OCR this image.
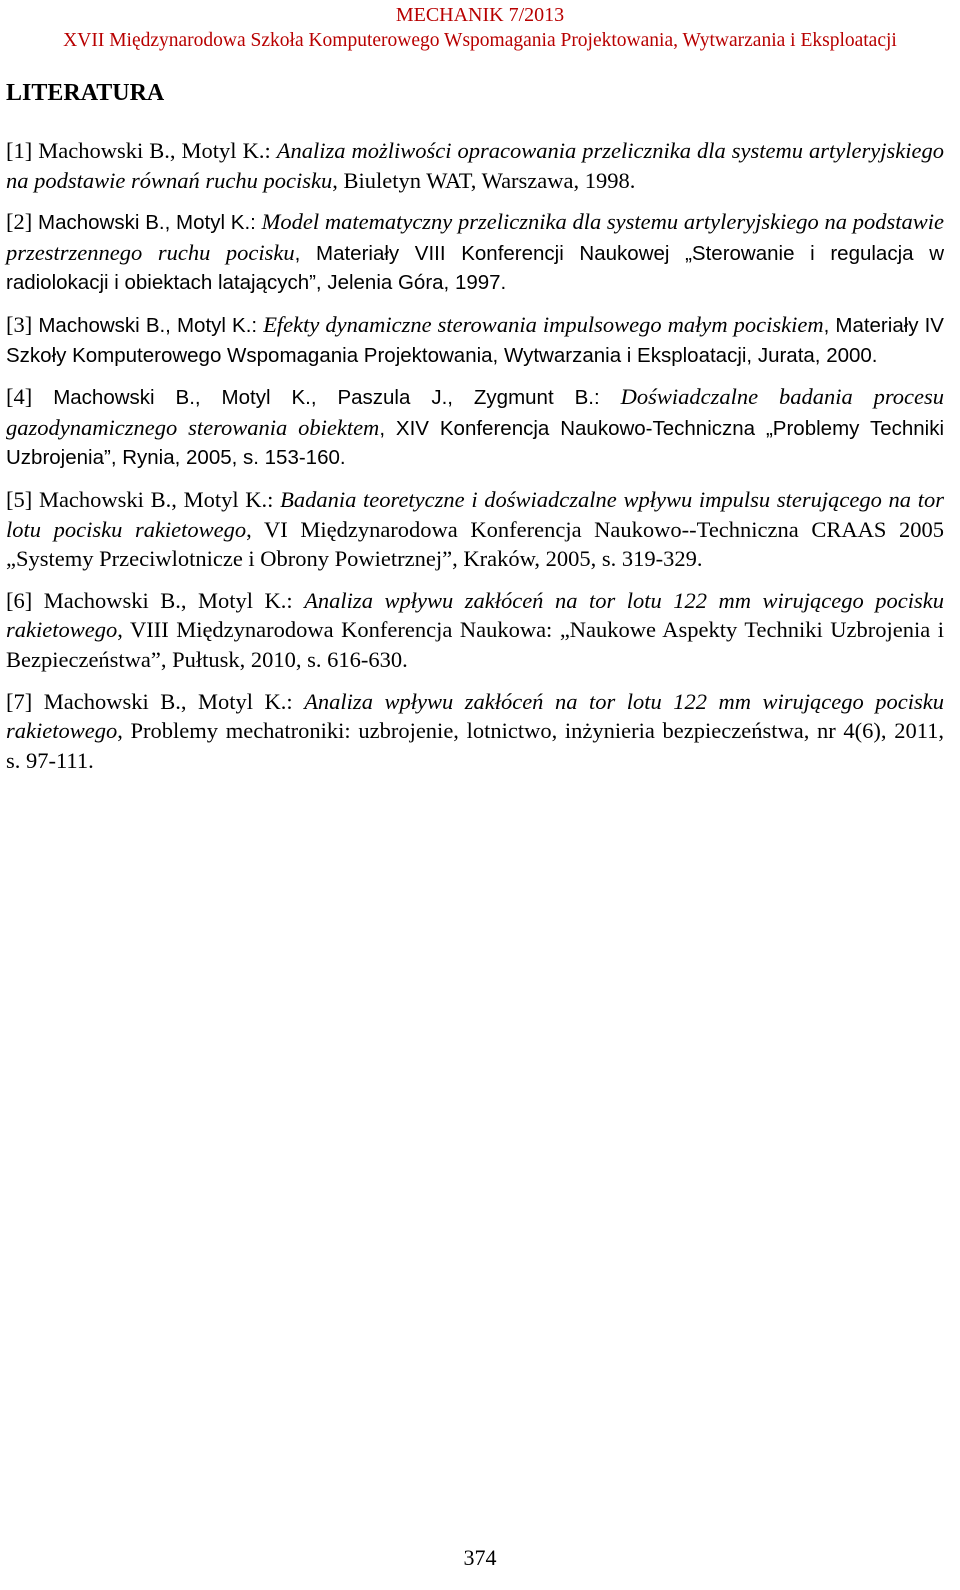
MECHANIK 7/2013
XVII Międzynarodowa Szkoła Komputerowego Wspomagania Projektowania, Wytwarzania i Eksploatacji
LITERATURA

[1] Machowski B., Motyl K.: Analiza możliwości opracowania przelicznika dla systemu artyleryjskiego na podstawie równań ruchu pocisku, Biuletyn WAT, Warszawa, 1998.

[2] Machowski B., Motyl K.: Model matematyczny przelicznika dla systemu artyleryjskiego na podstawie przestrzennego ruchu pocisku, Materiały VIII Konferencji Naukowej „Sterowanie i regulacja w radiolokacji i obiektach latających”, Jelenia Góra, 1997.

[3] Machowski B., Motyl K.: Efekty dynamiczne sterowania impulsowego małym pociskiem, Materiały IV Szkoły Komputerowego Wspomagania Projektowania, Wytwarzania i Eksploatacji, Jurata, 2000.

[4] Machowski B., Motyl K., Paszula J., Zygmunt B.: Doświadczalne badania procesu gazodynamicznego sterowania obiektem, XIV Konferencja Naukowo-Techniczna „Problemy Techniki Uzbrojenia”, Rynia, 2005, s. 153-160.

[5] Machowski B., Motyl K.: Badania teoretyczne i doświadczalne wpływu impulsu sterującego na tor lotu pocisku rakietowego, VI Międzynarodowa Konferencja Naukowo--Techniczna CRAAS 2005 „Systemy Przeciwlotnicze i Obrony Powietrznej”, Kraków, 2005, s. 319-329.

[6] Machowski B., Motyl K.: Analiza wpływu zakłóceń na tor lotu 122 mm wirującego pocisku rakietowego, VIII Międzynarodowa Konferencja Naukowa: „Naukowe Aspekty Techniki Uzbrojenia i Bezpieczeństwa”, Pułtusk, 2010, s. 616-630.

[7] Machowski B., Motyl K.: Analiza wpływu zakłóceń na tor lotu 122 mm wirującego pocisku rakietowego, Problemy mechatroniki: uzbrojenie, lotnictwo, inżynieria bezpieczeństwa, nr 4(6), 2011, s. 97-111.

374
